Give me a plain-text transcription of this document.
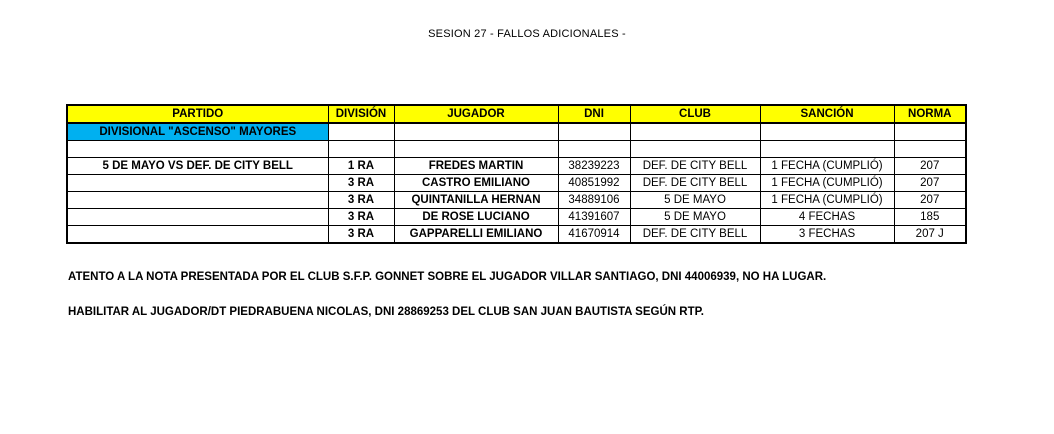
SESION 27 - FALLOS ADICIONALES -
PARTIDO	DIVISIÓN	JUGADOR	DNI	CLUB	SANCIÓN	NORMA
DIVISIONAL "ASCENSO" MAYORES						

5 DE MAYO VS DEF. DE CITY BELL	1 RA	FREDES MARTIN	38239223	DEF. DE CITY BELL	1 FECHA (CUMPLIÓ)	207
	3 RA	CASTRO EMILIANO	40851992	DEF. DE CITY BELL	1 FECHA (CUMPLIÓ)	207
	3 RA	QUINTANILLA HERNAN	34889106	5 DE MAYO	1 FECHA (CUMPLIÓ)	207
	3 RA	DE ROSE LUCIANO	41391607	5 DE MAYO	4 FECHAS	185
	3 RA	GAPPARELLI EMILIANO	41670914	DEF. DE CITY BELL	3 FECHAS	207 J
ATENTO A LA NOTA PRESENTADA POR EL CLUB S.F.P. GONNET SOBRE EL JUGADOR VILLAR SANTIAGO, DNI 44006939, NO HA LUGAR.
HABILITAR AL JUGADOR/DT PIEDRABUENA NICOLAS, DNI 28869253 DEL CLUB SAN JUAN BAUTISTA SEGÚN RTP.
